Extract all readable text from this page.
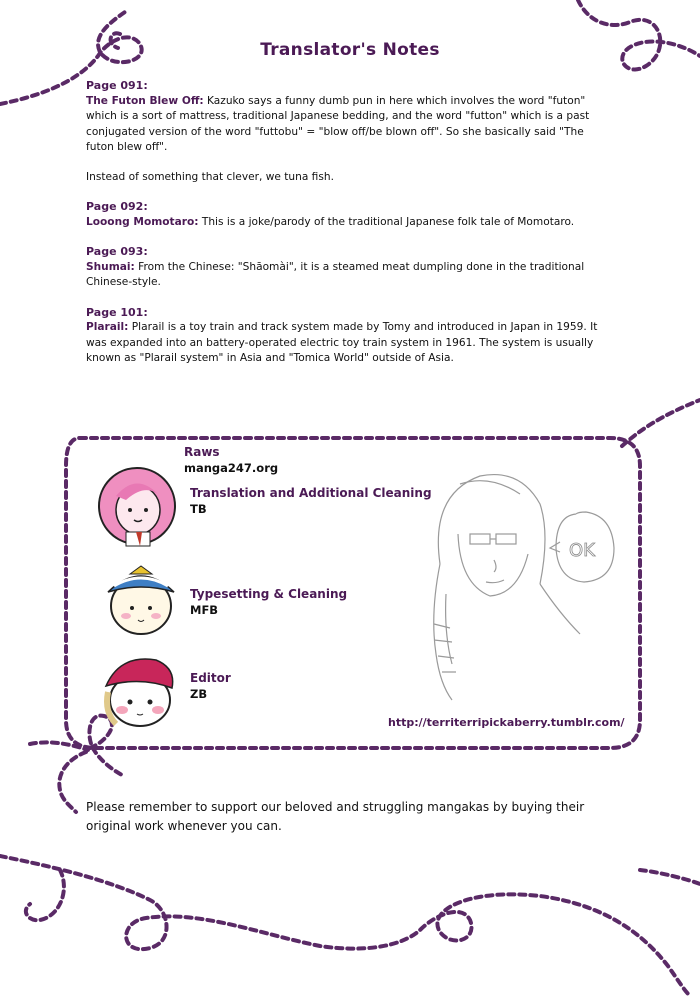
Translator's Notes
Page 091:

The Futon Blew Off: Kazuko says a funny dumb pun in here which involves the word "futon" which is a sort of mattress, traditional Japanese bedding, and the word "futton" which is a past conjugated version of the word "futtobu" = "blow off/be blown off". So she basically said "The futon blew off".

Instead of something that clever, we tuna fish.

Page 092:

Looong Momotaro: This is a joke/parody of the traditional Japanese folk tale of Momotaro.

Page 093:

Shumai: From the Chinese: "Shāomài", it is a steamed meat dumpling done in the traditional Chinese-style.

Page 101:

Plarail: Plarail is a toy train and track system made by Tomy and introduced in Japan in 1959. It was expanded into an battery-operated electric toy train system in 1961. The system is usually known as "Plarail system" in Asia and "Tomica World" outside of Asia.

Raws
manga247.org
Translation and Additional Cleaning
TB
Typesetting & Cleaning
MFB
Editor
ZB
OK
http://territerripickaberry.tumblr.com/
Please remember to support our beloved and struggling mangakas by buying their original work whenever you can.
